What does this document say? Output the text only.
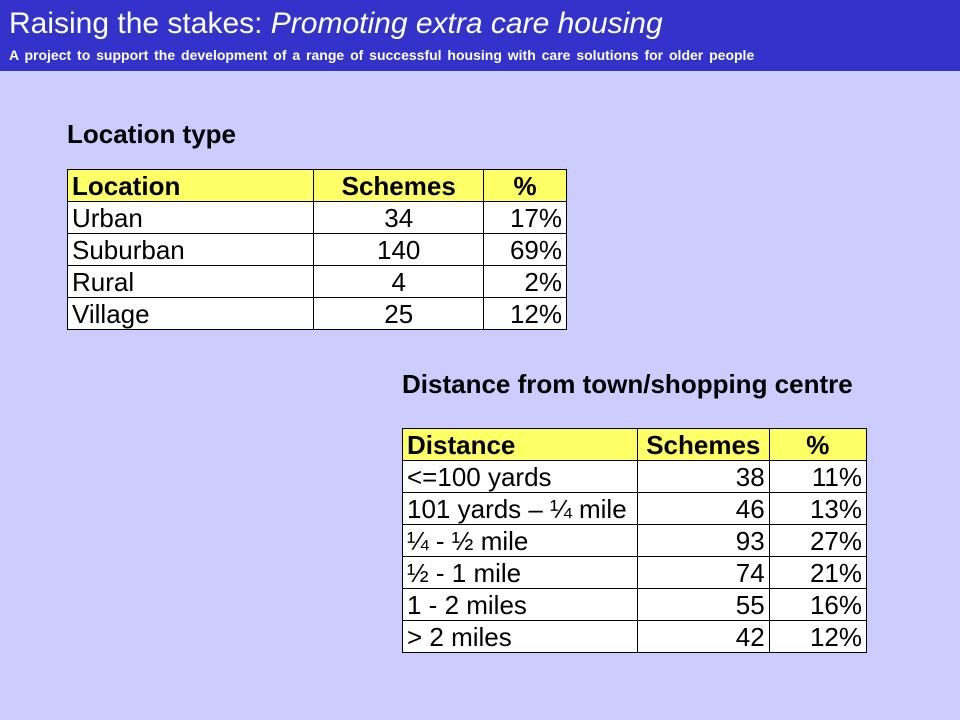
Raising the stakes: Promoting extra care housing
A project to support the development of a range of successful housing with care solutions for older people
Location type
Location	Schemes	%
Urban	34	17%
Suburban	140	69%
Rural	4	2%
Village	25	12%
Distance from town/shopping centre
Distance	Schemes	%
<=100 yards	38	11%
101 yards – ¼ mile	46	13%
¼ - ½ mile	93	27%
½ - 1 mile	74	21%
1 - 2 miles	55	16%
> 2 miles	42	12%
